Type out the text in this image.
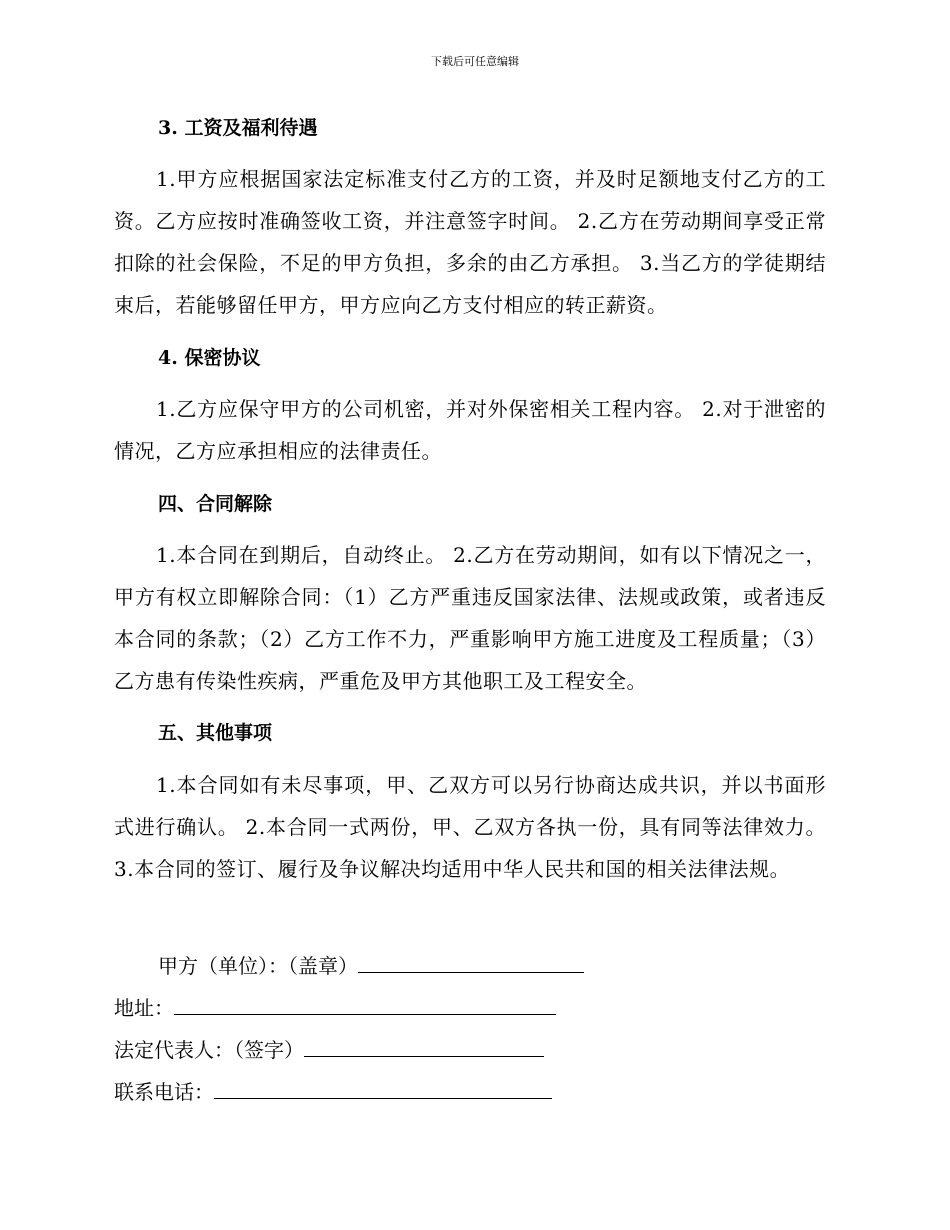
下载后可任意编辑
3. 工资及福利待遇
1.甲方应根据国家法定标准支付乙方的工资，并及时足额地支付乙方的工资。乙方应按时准确签收工资，并注意签字时间。 2.乙方在劳动期间享受正常扣除的社会保险，不足的甲方负担，多余的由乙方承担。 3.当乙方的学徒期结束后，若能够留任甲方，甲方应向乙方支付相应的转正薪资。
4. 保密协议
1.乙方应保守甲方的公司机密，并对外保密相关工程内容。 2.对于泄密的情况，乙方应承担相应的法律责任。
四、合同解除
1.本合同在到期后，自动终止。 2.乙方在劳动期间，如有以下情况之一，甲方有权立即解除合同：（1）乙方严重违反国家法律、法规或政策，或者违反本合同的条款；（2）乙方工作不力，严重影响甲方施工进度及工程质量；（3）乙方患有传染性疾病，严重危及甲方其他职工及工程安全。
五、其他事项
1.本合同如有未尽事项，甲、乙双方可以另行协商达成共识，并以书面形式进行确认。 2.本合同一式两份，甲、乙双方各执一份，具有同等法律效力。 3.本合同的签订、履行及争议解决均适用中华人民共和国的相关法律法规。
甲方（单位）：（盖章）
地址：
法定代表人：（签字）
联系电话：
